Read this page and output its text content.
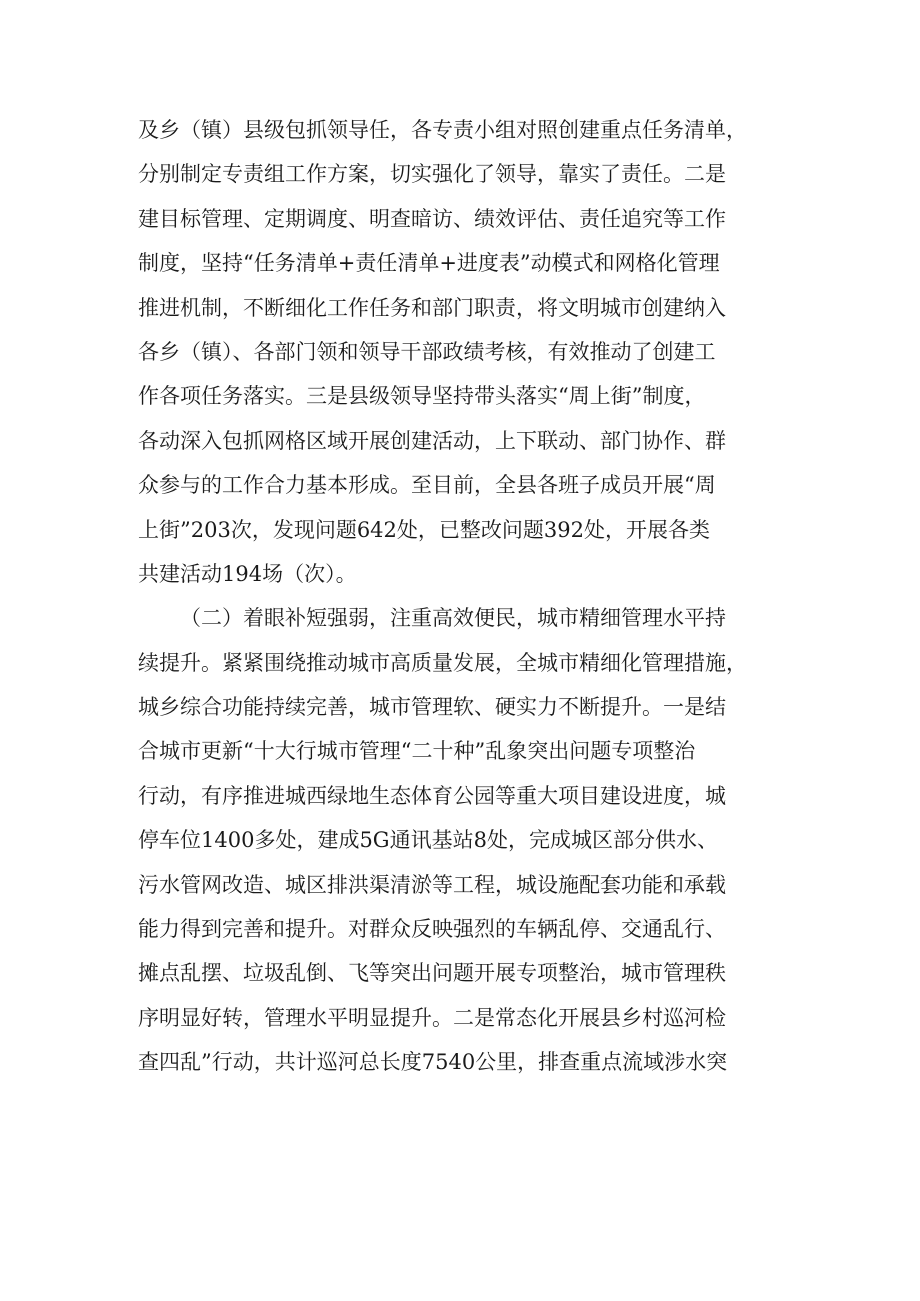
及乡（镇）县级包抓领导任，各专责小组对照创建重点任务清单，
分别制定专责组工作方案，切实强化了领导，靠实了责任。二是
建目标管理、定期调度、明查暗访、绩效评估、责任追究等工作
制度，坚持“任务清单+责任清单+进度表”动模式和网格化管理
推进机制，不断细化工作任务和部门职责，将文明城市创建纳入
各乡（镇）、各部门领和领导干部政绩考核，有效推动了创建工
作各项任务落实。三是县级领导坚持带头落实“周上街”制度，
各动深入包抓网格区域开展创建活动，上下联动、部门协作、群
众参与的工作合力基本形成。至目前，全县各班子成员开展“周
上街”203次，发现问题642处，已整改问题392处，开展各类
共建活动194场（次）。
（二）着眼补短强弱，注重高效便民，城市精细管理水平持
续提升。紧紧围绕推动城市高质量发展，全城市精细化管理措施，
城乡综合功能持续完善，城市管理软、硬实力不断提升。一是结
合城市更新“十大行城市管理“二十种”乱象突出问题专项整治
行动，有序推进城西绿地生态体育公园等重大项目建设进度，城
停车位1400多处，建成5G通讯基站8处，完成城区部分供水、
污水管网改造、城区排洪渠清淤等工程，城设施配套功能和承载
能力得到完善和提升。对群众反映强烈的车辆乱停、交通乱行、
摊点乱摆、垃圾乱倒、飞等突出问题开展专项整治，城市管理秩
序明显好转，管理水平明显提升。二是常态化开展县乡村巡河检
查四乱”行动，共计巡河总长度7540公里，排查重点流域涉水突
